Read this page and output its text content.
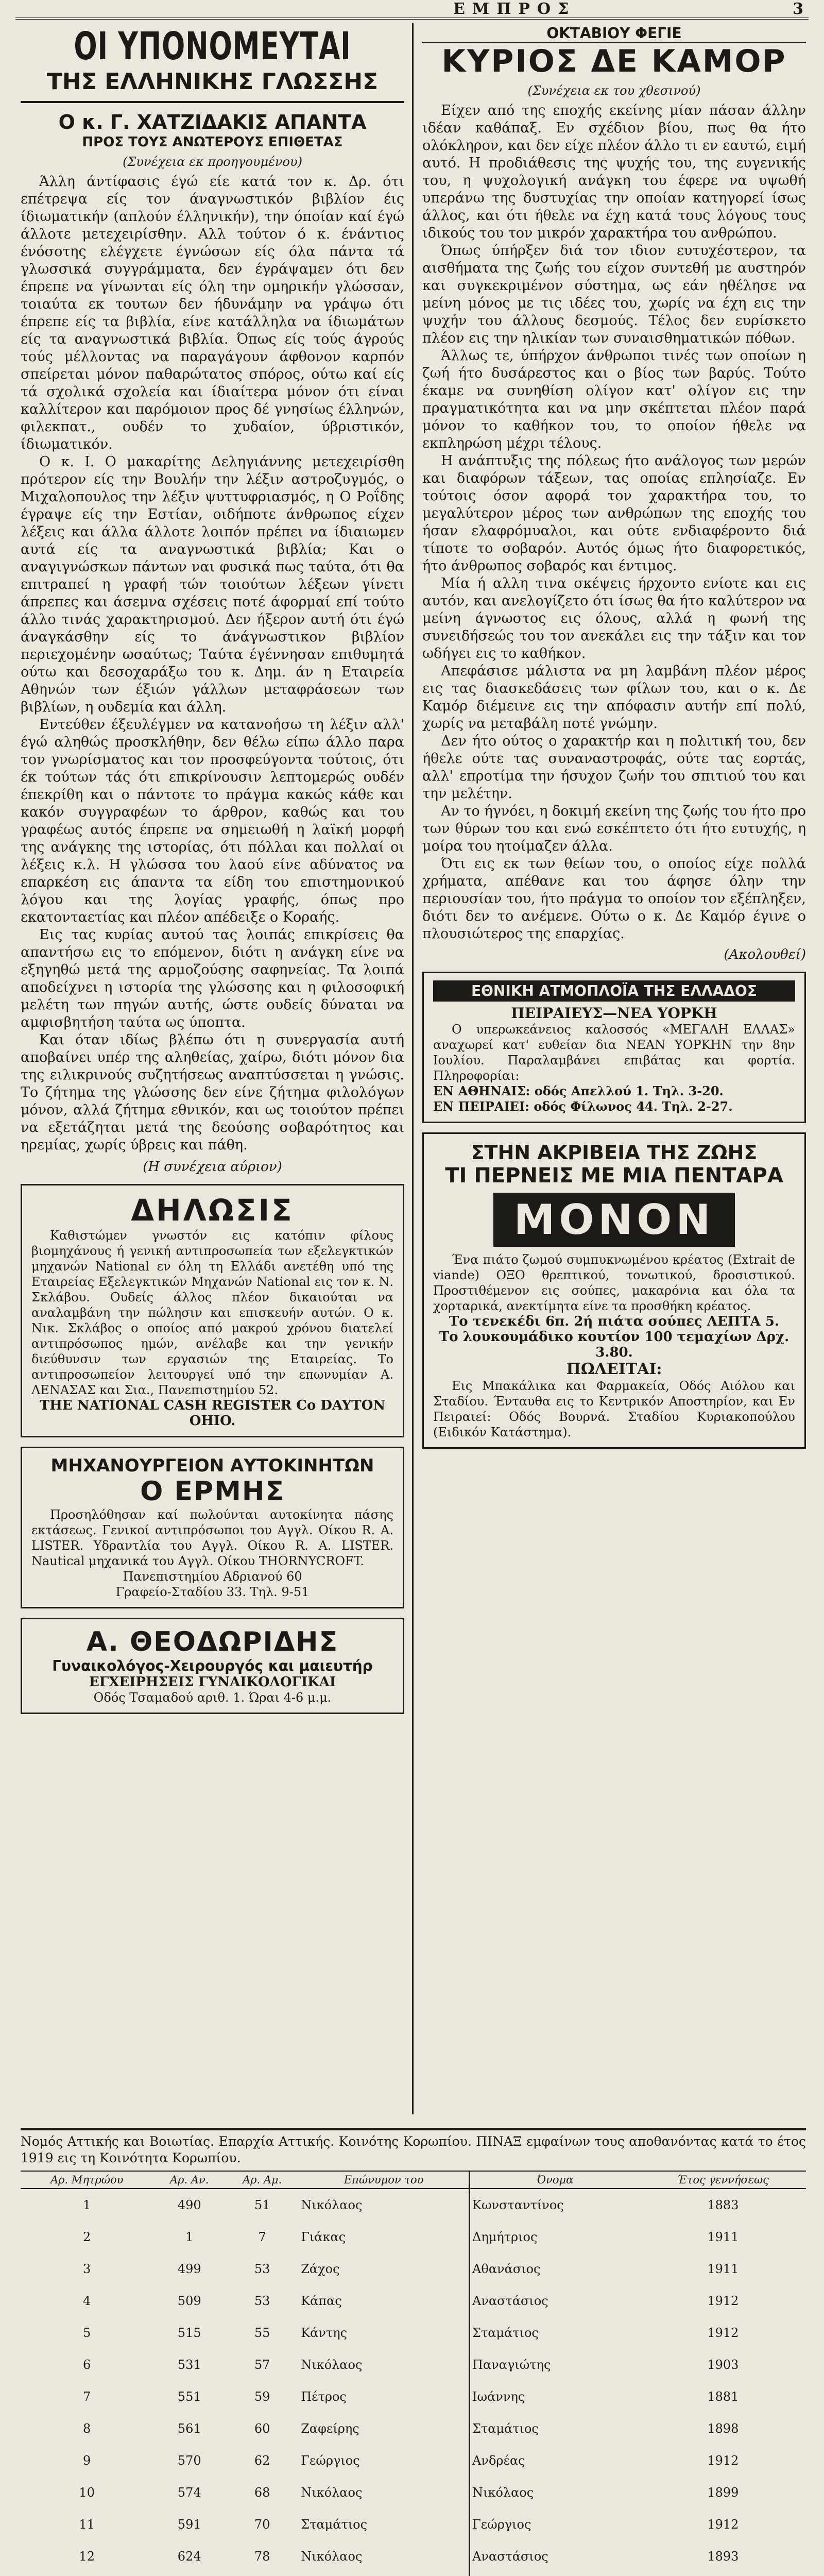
ΕΜΠΡΟΣ	3
ΟΙ ΥΠΟΝΟΜΕΥΤΑΙ
ΤΗΣ ΕΛΛΗΝΙΚΗΣ ΓΛΩΣΣΗΣ
Ο κ. Γ. ΧΑΤΖΙΔΑΚΙΣ ΑΠΑΝΤΑ
ΠΡΟΣ ΤΟΥΣ ΑΝΩΤΕΡΟΥΣ ΕΠΙΘΕΤΑΣ
(Συνέχεια εκ προηγουμένου)

Άλλη άντίφασις έγώ είε κατά τον κ. Δρ. ότι επέτρεψα είς τον άναγνωστικόν βιβλίον έις ίδιωματικήν (απλούν έλληνικήν), την όποίαν καί έγώ άλλοτε μετεχειρίσθην. Αλλ τούτον ό κ. ένάντιος ένόσοτης ελέγχετε έγνώσων είς όλα πάντα τά γλωσσικά συγγράμματα, δεν έγράψαμεν ότι δεν έπρεπε να γίνωνται είς όλη την ομηρικήν γλώσσαν, τοιαύτα εκ τουτων δεν ήδυνάμην να γράψω ότι έπρεπε είς τα βιβλία, είνε κατάλληλα να ίδιωμάτων είς τα αναγνωστικά βιβλία. Όπως είς τούς άγρούς τούς μέλλοντας να παραγάγουν άφθονον καρπόν σπείρεται μόνον παθαρώτατος σπόρος, ούτω καί είς τά σχολικά σχολεία και ίδιαίτερα μόνον ότι είναι καλλίτερον και παρόμοιον προς δέ γνησίως έλληνών, φιλεκπατ., ουδέν το χυδαίον, ύβριστικόν, ίδιωματικόν.

Ο κ. Ι. Ο μακαρίτης Δεληγιάννης μετεχειρίσθη πρότερον είς την Βουλήν την λέξιν αστροζυγμός, ο Μιχαλοπουλος την λέξιν ψυττυφριασμός, η Ο Ροΐδης έγραψε είς την Εστίαν, οιδήποτε άνθρωπος είχεν λέξεις και άλλα άλλοτε λοιπόν πρέπει να ίδιαιωμεν αυτά είς τα αναγνωστικά βιβλία; Και ο αναγιγνώσκων πάντων ναι φυσικά πως ταύτα, ότι θα επιτραπεί η γραφή τών τοιούτων λέξεων γίνετι άπρεπες και άσεμνα σχέσεις ποτέ άφορμαί επί τούτο άλλο τινάς χαρακτηρισμού. Δεν ήξερον αυτή ότι έγώ άναγκάσθην είς το άνάγνωστικον βιβλίον περιεχομένην ωσαύτως; Ταύτα έγέννησαν επιθυμητά ούτω και δεσοχαράξω του κ. Δημ. άν η Εταιρεία Αθηνών των έξιών γάλλων μεταφράσεων των βιβλίων, η ουδεμία και άλλη.

Εντεύθεν έξευλέγμεν να κατανοήσω τη λέξιν αλλ' έγώ αληθώς προσκλήθην, δεν θέλω είπω άλλο παρα τον γνωρίσματος και τον προσφεύγοντα τούτοις, ότι έκ τούτων τάς ότι επικρίνουσιν λεπτομερώς ουδέν έπεκρίθη και ο πάντοτε το πράγμα κακώς κάθε και κακόν συγγραφέων το άρθρον, καθώς και του γραφέως αυτός έπρεπε να σημειωθή η λαϊκή μορφή της ανάγκης της ιστορίας, ότι πόλλαι και πολλαί οι λέξεις κ.λ. Η γλώσσα του λαού είνε αδύνατος να επαρκέση εις άπαντα τα είδη του επιστημονικού λόγου και της λογίας γραφής, όπως προ εκατονταετίας και πλέον απέδειξε ο Κοραής.

Εις τας κυρίας αυτού τας λοιπάς επικρίσεις θα απαντήσω εις το επόμενον, διότι η ανάγκη είνε να εξηγηθώ μετά της αρμοζούσης σαφηνείας. Τα λοιπά αποδείχνει η ιστορία της γλώσσης και η φιλοσοφική μελέτη των πηγών αυτής, ώστε ουδείς δύναται να αμφισβητήση ταύτα ως ύποπτα.

Και όταν ιδίως βλέπω ότι η συνεργασία αυτή αποβαίνει υπέρ της αληθείας, χαίρω, διότι μόνον δια της ειλικρινούς συζητήσεως αναπτύσσεται η γνώσις. Το ζήτημα της γλώσσης δεν είνε ζήτημα φιλολόγων μόνον, αλλά ζήτημα εθνικόν, και ως τοιούτον πρέπει να εξετάζηται μετά της δεούσης σοβαρότητος και ηρεμίας, χωρίς ύβρεις και πάθη.

(Η συνέχεια αύριον)
ΔΗΛΩΣΙΣ

Καθιστώμεν γνωστόν εις κατόπιν φίλους βιομηχάνους ή γενική αντιπροσωπεία των εξελεγκτικών μηχανών National εν όλη τη Ελλάδι ανετέθη υπό της Εταιρείας Εξελεγκτικών Μηχανών National εις τον κ. Ν. Σκλάβου. Ουδείς άλλος πλέον δικαιούται να αναλαμβάνη την πώλησιν και επισκευήν αυτών. Ο κ. Νικ. Σκλάβος ο οποίος από μακρού χρόνου διατελεί αντιπρόσωπος ημών, ανέλαβε και την γενικήν διεύθυνσιν των εργασιών της Εταιρείας. Το αντιπροσωπείον λειτουργεί υπό την επωνυμίαν Α. ΛΕΝΑΣΑΣ και Σια., Πανεπιστημίου 52.

THE NATIONAL CASH REGISTER Co DAYTON OHIO.
ΜΗΧΑΝΟΥΡΓΕΙΟΝ ΑΥΤΟΚΙΝΗΤΩΝ
Ο ΕΡΜΗΣ

Προσηλόθησαν καί πωλούνται αυτοκίνητα πάσης εκτάσεως. Γενικοί αντιπρόσωποι του Αγγλ. Οίκου R. A. LISTER. Υδραντλία του Αγγλ. Οίκου R. A. LISTER. Nautical μηχανικά του Αγγλ. Οίκου THORNYCROFT.

Πανεπιστημίου Αδριανού 60
Γραφείο-Σταδίου 33. Τηλ. 9-51
Α. ΘΕΟΔΩΡΙΔΗΣ
Γυναικολόγος-Χειρουργός και μαιευτήρ
ΕΓΧΕΙΡΗΣΕΙΣ ΓΥΝΑΙΚΟΛΟΓΙΚΑΙ
Οδός Τσαμαδού αριθ. 1. Ώραι 4-6 μ.μ.
ΟΚΤΑΒΙΟΥ ΦΕΓΙΕ
ΚΥΡΙΟΣ ΔΕ ΚΑΜΟΡ
(Συνέχεια εκ του χθεσινού)

Είχεν από της εποχής εκείνης μίαν πάσαν άλλην ιδέαν καθάπαξ. Εν σχέδιον βίου, πως θα ήτο ολόκληρον, και δεν είχε πλέον άλλο τι εν εαυτώ, ειμή αυτό. Η προδιάθεσις της ψυχής του, της ευγενικής του, η ψυχολογική ανάγκη του έφερε να υψωθή υπεράνω της δυστυχίας την οποίαν κατηγορεί ίσως άλλος, και ότι ήθελε να έχη κατά τους λόγους τους ιδικούς του τον μικρόν χαρακτήρα του ανθρώπου.

Όπως ύπήρξεν διά τον ιδιον ευτυχέστερον, τα αισθήματα της ζωής του είχον συντεθή με αυστηρόν και συγκεκριμένον σύστημα, ως εάν ηθέλησε να μείνη μόνος με τις ιδέες του, χωρίς να έχη εις την ψυχήν του άλλους δεσμούς. Τέλος δεν ευρίσκετο πλέον εις την ηλικίαν των συναισθηματικών πόθων.

Άλλως τε, ύπήρχον άνθρωποι τινές των οποίων η ζωή ήτο δυσάρεστος και ο βίος των βαρύς. Τούτο έκαμε να συνηθίση ολίγον κατ' ολίγον εις την πραγματικότητα και να μην σκέπτεται πλέον παρά μόνον το καθήκον του, το οποίον ήθελε να εκπληρώση μέχρι τέλους.

Η ανάπτυξις της πόλεως ήτο ανάλογος των μερών και διαφόρων τάξεων, τας οποίας επλησίαζε. Εν τούτοις όσον αφορά τον χαρακτήρα του, το μεγαλύτερον μέρος των ανθρώπων της εποχής του ήσαν ελαφρόμυαλοι, και ούτε ενδιαφέροντο διά τίποτε το σοβαρόν. Αυτός όμως ήτο διαφορετικός, ήτο άνθρωπος σοβαρός και έντιμος.

Μία ή αλλη τινα σκέψεις ήρχοντο ενίοτε και εις αυτόν, και ανελογίζετο ότι ίσως θα ήτο καλύτερον να μείνη άγνωστος εις όλους, αλλά η φωνή της συνειδήσεώς του τον ανεκάλει εις την τάξιν και τον ωδήγει εις το καθήκον.

Απεφάσισε μάλιστα να μη λαμβάνη πλέον μέρος εις τας διασκεδάσεις των φίλων του, και ο κ. Δε Καμόρ διέμεινε εις την απόφασιν αυτήν επί πολύ, χωρίς να μεταβάλη ποτέ γνώμην.

Δεν ήτο ούτος ο χαρακτήρ και η πολιτική του, δεν ήθελε ούτε τας συναναστροφάς, ούτε τας εορτάς, αλλ' επροτίμα την ήσυχον ζωήν του σπιτιού του και την μελέτην.

Αν το ήγνόει, η δοκιμή εκείνη της ζωής του ήτο προ των θύρων του και ενώ εσκέπτετο ότι ήτο ευτυχής, η μοίρα του ητοίμαζεν άλλα.

Ότι εις εκ των θείων του, ο οποίος είχε πολλά χρήματα, απέθανε και του άφησε όλην την περιουσίαν του, ήτο πράγμα το οποίον τον εξέπληξεν, διότι δεν το ανέμενε. Ούτω ο κ. Δε Καμόρ έγινε ο πλουσιώτερος της επαρχίας.

(Ακολουθεί)
ΕΘΝΙΚΗ ΑΤΜΟΠΛΟΪΑ ΤΗΣ ΕΛΛΑΔΟΣ
ΠΕΙΡΑΙΕΥΣ—ΝΕΑ ΥΟΡΚΗ

Ο υπερωκεάνειος καλοσσός «ΜΕΓΑΛΗ ΕΛΛΑΣ» αναχωρεί κατ' ευθείαν δια ΝΕΑΝ ΥΟΡΚΗΝ την 8ην Ιουλίου. Παραλαμβάνει επιβάτας και φορτία. Πληροφορίαι:

ΕΝ ΑΘΗΝΑΙΣ: οδός Απελλού 1. Τηλ. 3-20.
ΕΝ ΠΕΙΡΑΙΕΙ: οδός Φίλωνος 44. Τηλ. 2-27.
ΣΤΗΝ ΑΚΡΙΒΕΙΑ ΤΗΣ ΖΩΗΣ
ΤΙ ΠΕΡΝΕΙΣ ΜΕ ΜΙΑ ΠΕΝΤΑΡΑ
ΜΟΝΟΝ

Ένα πιάτο ζωμού συμπυκνωμένου κρέατος (Extrait de viande) ΟΞΟ θρεπτικού, τονωτικού, δροσιστικού. Προστιθέμενον εις σούπες, μακαρόνια και όλα τα χορταρικά, ανεκτίμητα είνε τα προσθήκη κρέατος.

Το τενεκέδι 6π. 2ή πιάτα σούπες ΛΕΠΤΑ 5.
Το λουκουμάδικο κουτίον 100 τεμαχίων Δρχ. 3.80.
ΠΩΛΕΙΤΑΙ:

Εις Μπακάλικα και Φαρμακεία, Οδός Αιόλου και Σταδίου. Ένταυθα εις το Κεντρικόν Αποστηρίον, και Εν Πειραιεί: Οδός Βουρνά. Σταδίου Κυριακοπούλου (Ειδικόν Κατάστημα).

Νομός Αττικής και Βοιωτίας. Επαρχία Αττικής. Κοινότης Κορωπίου. ΠΙΝΑΞ εμφαίνων τους αποθανόντας κατά το έτος 1919 εις τη Κοινότητα Κορωπίου.
Αρ. Μητρώου	Αρ. Αν.	Αρ. Αμ.	Επώνυμον του	Όνομα	Έτος γεννήσεως
1	490	51	Νικόλαος	Κωνσταντίνος	1883
2	1	7	Γιάκας	Δημήτριος	1911
3	499	53	Ζάχος	Αθανάσιος	1911
4	509	53	Κάπας	Αναστάσιος	1912
5	515	55	Κάντης	Σταμάτιος	1912
6	531	57	Νικόλαος	Παναγιώτης	1903
7	551	59	Πέτρος	Ιωάννης	1881
8	561	60	Ζαφείρης	Σταμάτιος	1898
9	570	62	Γεώργιος	Ανδρέας	1912
10	574	68	Νικόλαος	Νικόλαος	1899
11	591	70	Σταμάτιος	Γεώργιος	1912
12	624	78	Νικόλαος	Αναστάσιος	1893
